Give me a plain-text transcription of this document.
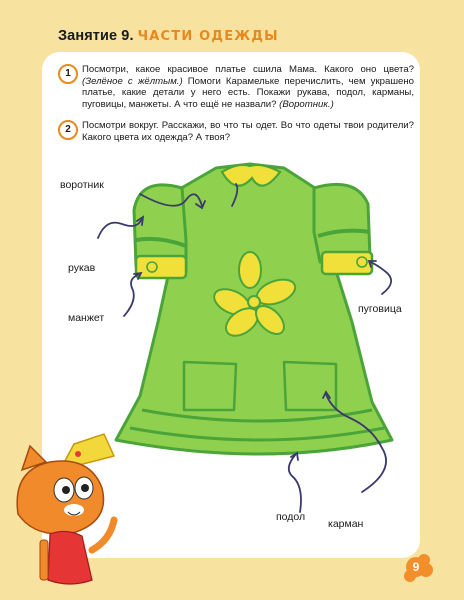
Занятие 9. ЧАСТИ ОДЕЖДЫ
1	Посмотри, какое красивое платье сшила Мама. Какого оно цвета? (Зелёное с жёлтым.) Помоги Карамельке перечислить, чем украшено платье, какие детали у него есть. Покажи рукава, подол, карманы, пуговицы, манжеты. А что ещё не назвали? (Воротник.)
2	Посмотри вокруг. Расскажи, во что ты одет. Во что одеты твои родители? Какого цвета их одежда? А твоя?
воротник
рукав
манжет
пуговица
подол
карман
9
